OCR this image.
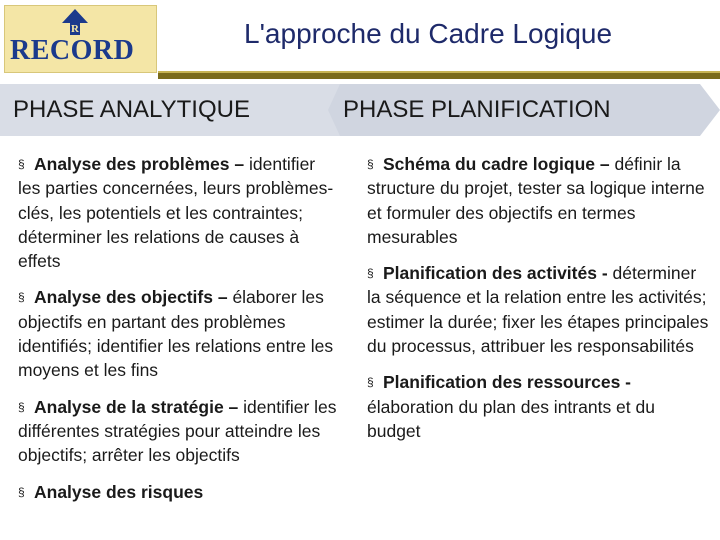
R
RECORD
L'approche du Cadre Logique
PHASE ANALYTIQUE	PHASE PLANIFICATION
§ Analyse des problèmes – identifier les parties concernées, leurs problèmes-clés, les potentiels et les contraintes; déterminer les relations de causes à effets
§ Analyse des objectifs – élaborer les objectifs en partant des problèmes identifiés; identifier les relations entre les moyens et les fins
§ Analyse de la stratégie – identifier les différentes stratégies pour atteindre les objectifs; arrêter les objectifs
§ Analyse des risques
§ Schéma du cadre logique – définir la structure du projet, tester sa logique interne et formuler des objectifs en termes mesurables
§ Planification des activités - déterminer la séquence et la relation entre les activités; estimer la durée; fixer les étapes principales du processus, attribuer les responsabilités
§ Planification des ressources - élaboration du plan des intrants et du budget
